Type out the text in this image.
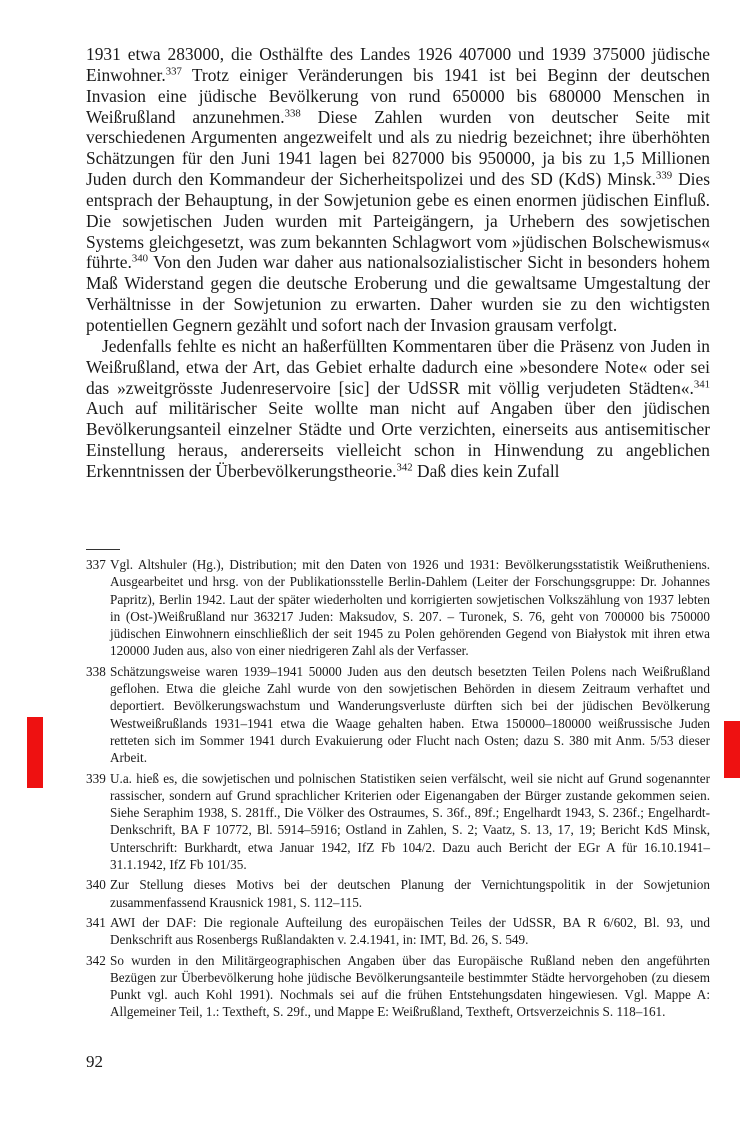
1931 etwa 283000, die Osthälfte des Landes 1926 407000 und 1939 375000 jüdische Einwohner.$^{337}$ Trotz einiger Veränderungen bis 1941 ist bei Beginn der deutschen Invasion eine jüdische Bevölkerung von rund 650000 bis 680000 Menschen in Weißrußland anzunehmen.$^{338}$ Diese Zahlen wurden von deutscher Seite mit verschiedenen Argumenten angezweifelt und als zu niedrig bezeichnet; ihre überhöhten Schätzungen für den Juni 1941 lagen bei 827000 bis 950000, ja bis zu 1,5 Millionen Juden durch den Kommandeur der Sicherheitspolizei und des SD (KdS) Minsk.$^{339}$ Dies entsprach der Behauptung, in der Sowjetunion gebe es einen enormen jüdischen Einfluß. Die sowjetischen Juden wurden mit Parteigängern, ja Urhebern des sowjetischen Systems gleichgesetzt, was zum bekannten Schlagwort vom »jüdischen Bolschewismus« führte.$^{340}$ Von den Juden war daher aus nationalsozialistischer Sicht in besonders hohem Maß Widerstand gegen die deutsche Eroberung und die gewaltsame Umgestaltung der Verhältnisse in der Sowjetunion zu erwarten. Daher wurden sie zu den wichtigsten potentiellen Gegnern gezählt und sofort nach der Invasion grausam verfolgt.

Jedenfalls fehlte es nicht an haßerfüllten Kommentaren über die Präsenz von Juden in Weißrußland, etwa der Art, das Gebiet erhalte dadurch eine »besondere Note« oder sei das »zweitgrösste Judenreservoire [sic] der UdSSR mit völlig verjudeten Städten«.$^{341}$ Auch auf militärischer Seite wollte man nicht auf Angaben über den jüdischen Bevölkerungsanteil einzelner Städte und Orte verzichten, einerseits aus antisemitischer Einstellung heraus, andererseits vielleicht schon in Hinwendung zu angeblichen Erkenntnissen der Überbevölkerungstheorie.$^{342}$ Daß dies kein Zufall

337 Vgl. Altshuler (Hg.), Distribution; mit den Daten von 1926 und 1931: Bevölkerungsstatistik Weißrutheniens. Ausgearbeitet und hrsg. von der Publikationsstelle Berlin-Dahlem (Leiter der Forschungsgruppe: Dr. Johannes Papritz), Berlin 1942. Laut der später wiederholten und korrigierten sowjetischen Volkszählung von 1937 lebten in (Ost-)Weißrußland nur 363217 Juden: Maksudov, S. 207. – Turonek, S. 76, geht von 700000 bis 750000 jüdischen Einwohnern einschließlich der seit 1945 zu Polen gehörenden Gegend von Białystok mit ihren etwa 120000 Juden aus, also von einer niedrigeren Zahl als der Verfasser.
338 Schätzungsweise waren 1939–1941 50000 Juden aus den deutsch besetzten Teilen Polens nach Weißrußland geflohen. Etwa die gleiche Zahl wurde von den sowjetischen Behörden in diesem Zeitraum verhaftet und deportiert. Bevölkerungswachstum und Wanderungsverluste dürften sich bei der jüdischen Bevölkerung Westweißrußlands 1931–1941 etwa die Waage gehalten haben. Etwa 150000–180000 weißrussische Juden retteten sich im Sommer 1941 durch Evakuierung oder Flucht nach Osten; dazu S. 380 mit Anm. 5/53 dieser Arbeit.
339 U.a. hieß es, die sowjetischen und polnischen Statistiken seien verfälscht, weil sie nicht auf Grund sogenannter rassischer, sondern auf Grund sprachlicher Kriterien oder Eigenangaben der Bürger zustande gekommen seien. Siehe Seraphim 1938, S. 281ff., Die Völker des Ostraumes, S. 36f., 89f.; Engelhardt 1943, S. 236f.; Engelhardt-Denkschrift, BA F 10772, Bl. 5914–5916; Ostland in Zahlen, S. 2; Vaatz, S. 13, 17, 19; Bericht KdS Minsk, Unterschrift: Burkhardt, etwa Januar 1942, IfZ Fb 104/2. Dazu auch Bericht der EGr A für 16.10.1941–31.1.1942, IfZ Fb 101/35.
340 Zur Stellung dieses Motivs bei der deutschen Planung der Vernichtungspolitik in der Sowjetunion zusammenfassend Krausnick 1981, S. 112–115.
341 AWI der DAF: Die regionale Aufteilung des europäischen Teiles der UdSSR, BA R 6/602, Bl. 93, und Denkschrift aus Rosenbergs Rußlandakten v. 2.4.1941, in: IMT, Bd. 26, S. 549.
342 So wurden in den Militärgeographischen Angaben über das Europäische Rußland neben den angeführten Bezügen zur Überbevölkerung hohe jüdische Bevölkerungsanteile bestimmter Städte hervorgehoben (zu diesem Punkt vgl. auch Kohl 1991). Nochmals sei auf die frühen Entstehungsdaten hingewiesen. Vgl. Mappe A: Allgemeiner Teil, 1.: Textheft, S. 29f., und Mappe E: Weißrußland, Textheft, Ortsverzeichnis S. 118–161.
92
